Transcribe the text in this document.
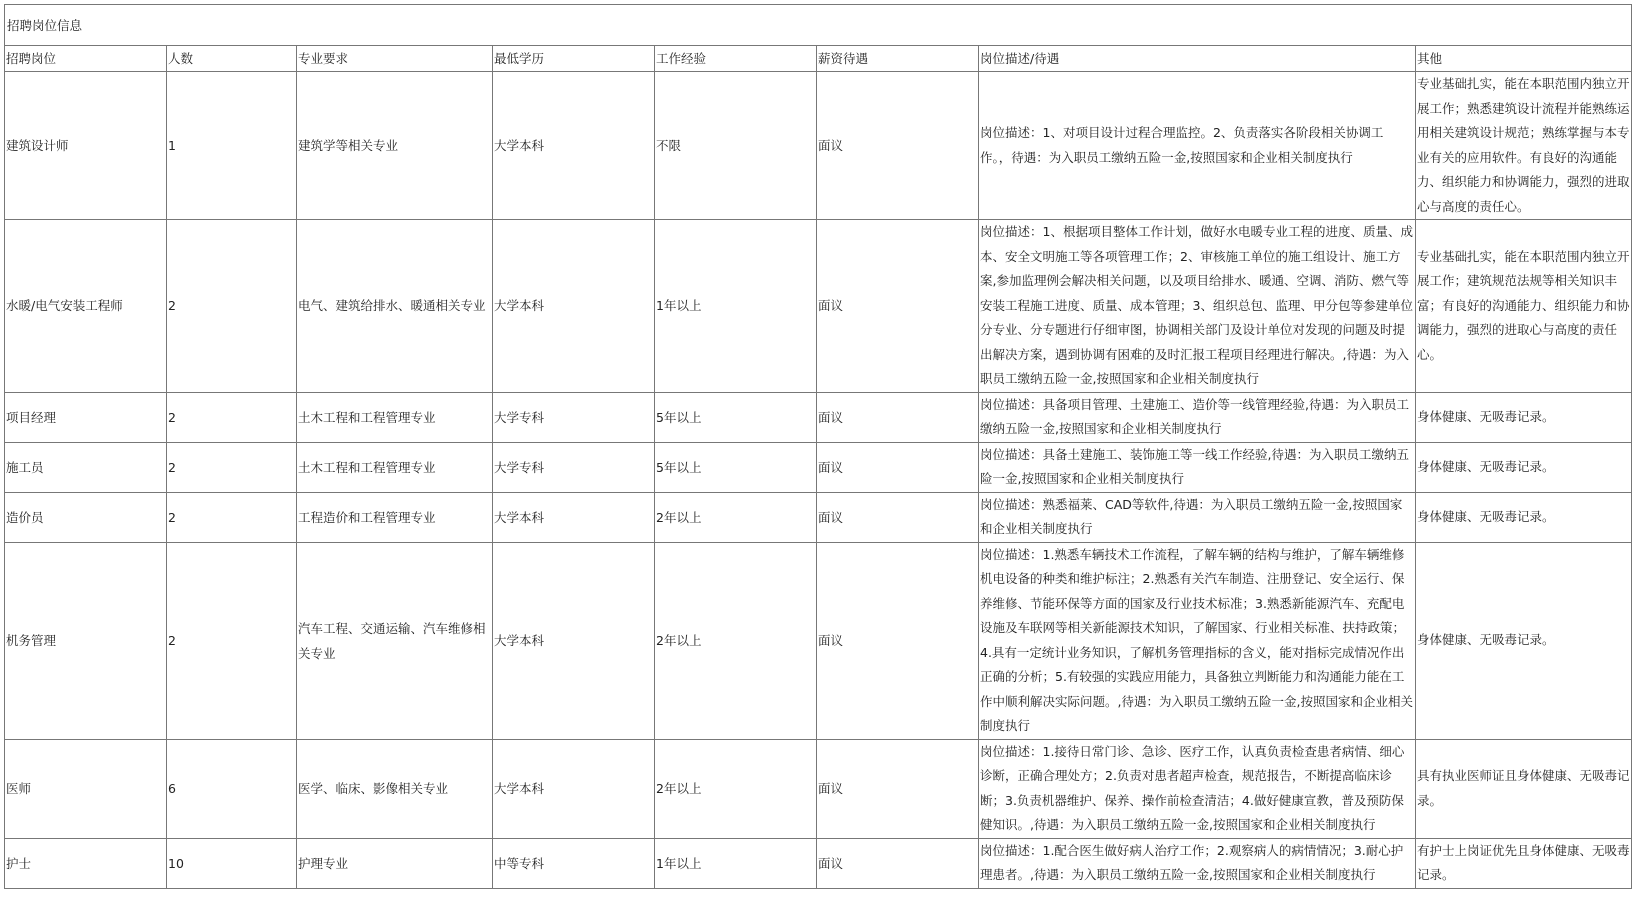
招聘岗位信息							
招聘岗位	人数	专业要求	最低学历	工作经验	薪资待遇	岗位描述/待遇	其他
建筑设计师	1	建筑学等相关专业	大学本科	不限	面议	岗位描述：1、对项目设计过程合理监控。2、负责落实各阶段相关协调工作。，待遇：为入职员工缴纳五险一金,按照国家和企业相关制度执行	专业基础扎实，能在本职范围内独立开展工作；熟悉建筑设计流程并能熟练运用相关建筑设计规范；熟练掌握与本专业有关的应用软件。有良好的沟通能力、组织能力和协调能力，强烈的进取心与高度的责任心。
水暖/电气安装工程师	2	电气、建筑给排水、暖通相关专业	大学本科	1年以上	面议	岗位描述：1、根据项目整体工作计划，做好水电暖专业工程的进度、质量、成本、安全文明施工等各项管理工作；2、审核施工单位的施工组设计、施工方案,参加监理例会解决相关问题，以及项目给排水、暖通、空调、消防、燃气等安装工程施工进度、质量、成本管理；3、组织总包、监理、甲分包等参建单位分专业、分专题进行仔细审图，协调相关部门及设计单位对发现的问题及时提出解决方案，遇到协调有困难的及时汇报工程项目经理进行解决。,待遇：为入职员工缴纳五险一金,按照国家和企业相关制度执行	专业基础扎实，能在本职范围内独立开展工作；建筑规范法规等相关知识丰富；有良好的沟通能力、组织能力和协调能力，强烈的进取心与高度的责任心。
项目经理	2	土木工程和工程管理专业	大学专科	5年以上	面议	岗位描述：具备项目管理、土建施工、造价等一线管理经验,待遇：为入职员工缴纳五险一金,按照国家和企业相关制度执行	身体健康、无吸毒记录。
施工员	2	土木工程和工程管理专业	大学专科	5年以上	面议	岗位描述：具备土建施工、装饰施工等一线工作经验,待遇：为入职员工缴纳五险一金,按照国家和企业相关制度执行	身体健康、无吸毒记录。
造价员	2	工程造价和工程管理专业	大学本科	2年以上	面议	岗位描述：熟悉福莱、CAD等软件,待遇：为入职员工缴纳五险一金,按照国家和企业相关制度执行	身体健康、无吸毒记录。
机务管理	2	汽车工程、交通运输、汽车维修相关专业	大学本科	2年以上	面议	岗位描述：1.熟悉车辆技术工作流程，了解车辆的结构与维护，了解车辆维修机电设备的种类和维护标注；2.熟悉有关汽车制造、注册登记、安全运行、保养维修、节能环保等方面的国家及行业技术标准；3.熟悉新能源汽车、充配电设施及车联网等相关新能源技术知识，了解国家、行业相关标准、扶持政策；4.具有一定统计业务知识，了解机务管理指标的含义，能对指标完成情况作出正确的分析；5.有较强的实践应用能力，具备独立判断能力和沟通能力能在工作中顺利解决实际问题。,待遇：为入职员工缴纳五险一金,按照国家和企业相关制度执行	身体健康、无吸毒记录。
医师	6	医学、临床、影像相关专业	大学本科	2年以上	面议	岗位描述：1.接待日常门诊、急诊、医疗工作，认真负责检查患者病情、细心诊断，正确合理处方；2.负责对患者超声检查，规范报告，不断提高临床诊断；3.负责机器维护、保养、操作前检查清洁；4.做好健康宣教，普及预防保健知识。,待遇：为入职员工缴纳五险一金,按照国家和企业相关制度执行	具有执业医师证且身体健康、无吸毒记录。
护士	10	护理专业	中等专科	1年以上	面议	岗位描述：1.配合医生做好病人治疗工作；2.观察病人的病情情况；3.耐心护理患者。,待遇：为入职员工缴纳五险一金,按照国家和企业相关制度执行	有护士上岗证优先且身体健康、无吸毒记录。
